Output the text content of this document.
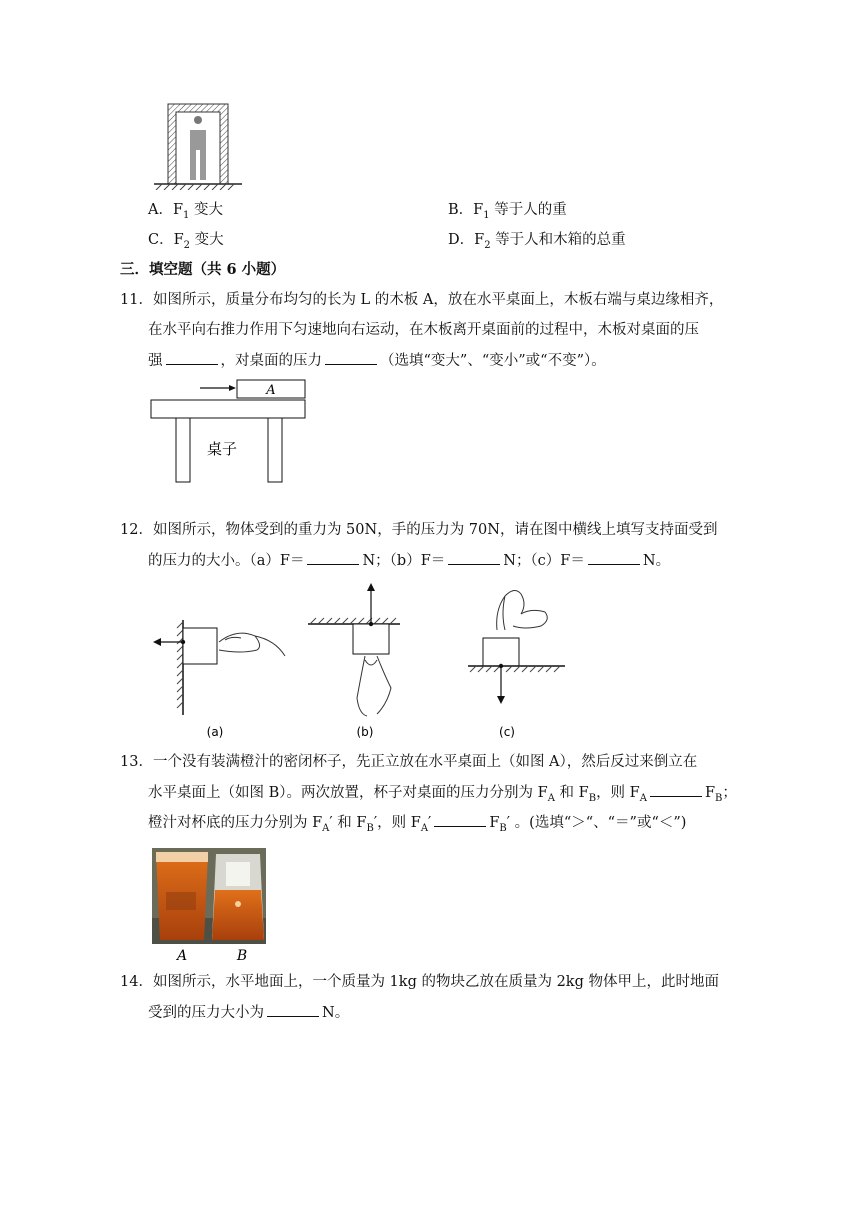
A．$F_1$ 变大	B．$F_1$ 等于人的重
C．$F_2$ 变大	D．$F_2$ 等于人和木箱的总重
三．填空题（共 6 小题）
11．如图所示，质量分布均匀的长为 L 的木板 A，放在水平桌面上，木板右端与桌边缘相齐，
在水平向右推力作用下匀速地向右运动，在木板离开桌面前的过程中，木板对桌面的压
强	，对桌面的压力	（选填“变大”、“变小”或“不变”）。
A
桌子
12．如图所示，物体受到的重力为 50N，手的压力为 70N，请在图中横线上填写支持面受到
的压力的大小。（a）F＝	N；（b）F＝	N；（c）F＝	N。
(a)	(b)	(c)
13．一个没有装满橙汁的密闭杯子，先正立放在水平桌面上（如图 A），然后反过来倒立在
水平桌面上（如图 B）。两次放置，杯子对桌面的压力分别为 $F_A$ 和 $F_B$，则 $F_A$	$F_B$；
橙汁对杯底的压力分别为 $F_A'$ 和 $F_B'$，则 $F_A'$	$F_B'$ 。(选填“＞“、“＝”或“＜”)
A	B
14．如图所示，水平地面上，一个质量为 1kg 的物块乙放在质量为 2kg 物体甲上，此时地面
受到的压力大小为	N。
